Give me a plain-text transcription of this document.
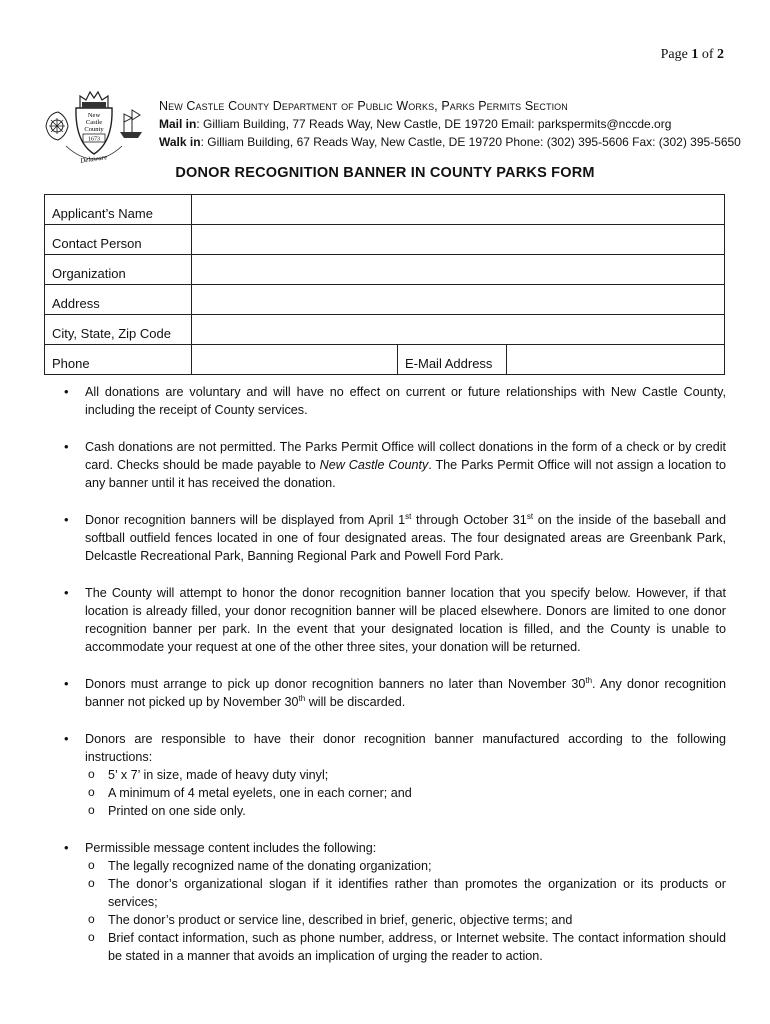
Page 1 of 2
New
Castle
County
1673
Delaware
New Castle County Department of Public Works, Parks Permits Section
Mail in: Gilliam Building, 77 Reads Way, New Castle, DE 19720 Email: parkspermits@nccde.org
Walk in: Gilliam Building, 67 Reads Way, New Castle, DE 19720 Phone: (302) 395-5606 Fax: (302) 395-5650
DONOR RECOGNITION BANNER IN COUNTY PARKS FORM
Applicant’s Name			
Contact Person			
Organization			
Address			
City, State, Zip Code			
Phone		E-Mail Address	
• All donations are voluntary and will have no effect on current or future relationships with New Castle County, including the receipt of County services.
• Cash donations are not permitted. The Parks Permit Office will collect donations in the form of a check or by credit card. Checks should be made payable to New Castle County. The Parks Permit Office will not assign a location to any banner until it has received the donation.
• Donor recognition banners will be displayed from April 1st through October 31st on the inside of the baseball and softball outfield fences located in one of four designated areas. The four designated areas are Greenbank Park, Delcastle Recreational Park, Banning Regional Park and Powell Ford Park.
• The County will attempt to honor the donor recognition banner location that you specify below. However, if that location is already filled, your donor recognition banner will be placed elsewhere. Donors are limited to one donor recognition banner per park. In the event that your designated location is filled, and the County is unable to accommodate your request at one of the other three sites, your donation will be returned.
• Donors must arrange to pick up donor recognition banners no later than November 30th. Any donor recognition banner not picked up by November 30th will be discarded.
• Donors are responsible to have their donor recognition banner manufactured according to the following instructions:
o 5’ x 7’ in size, made of heavy duty vinyl;
o A minimum of 4 metal eyelets, one in each corner; and
o Printed on one side only.
• Permissible message content includes the following:
o The legally recognized name of the donating organization;
o The donor’s organizational slogan if it identifies rather than promotes the organization or its products or services;
o The donor’s product or service line, described in brief, generic, objective terms; and
o Brief contact information, such as phone number, address, or Internet website. The contact information should be stated in a manner that avoids an implication of urging the reader to action.
